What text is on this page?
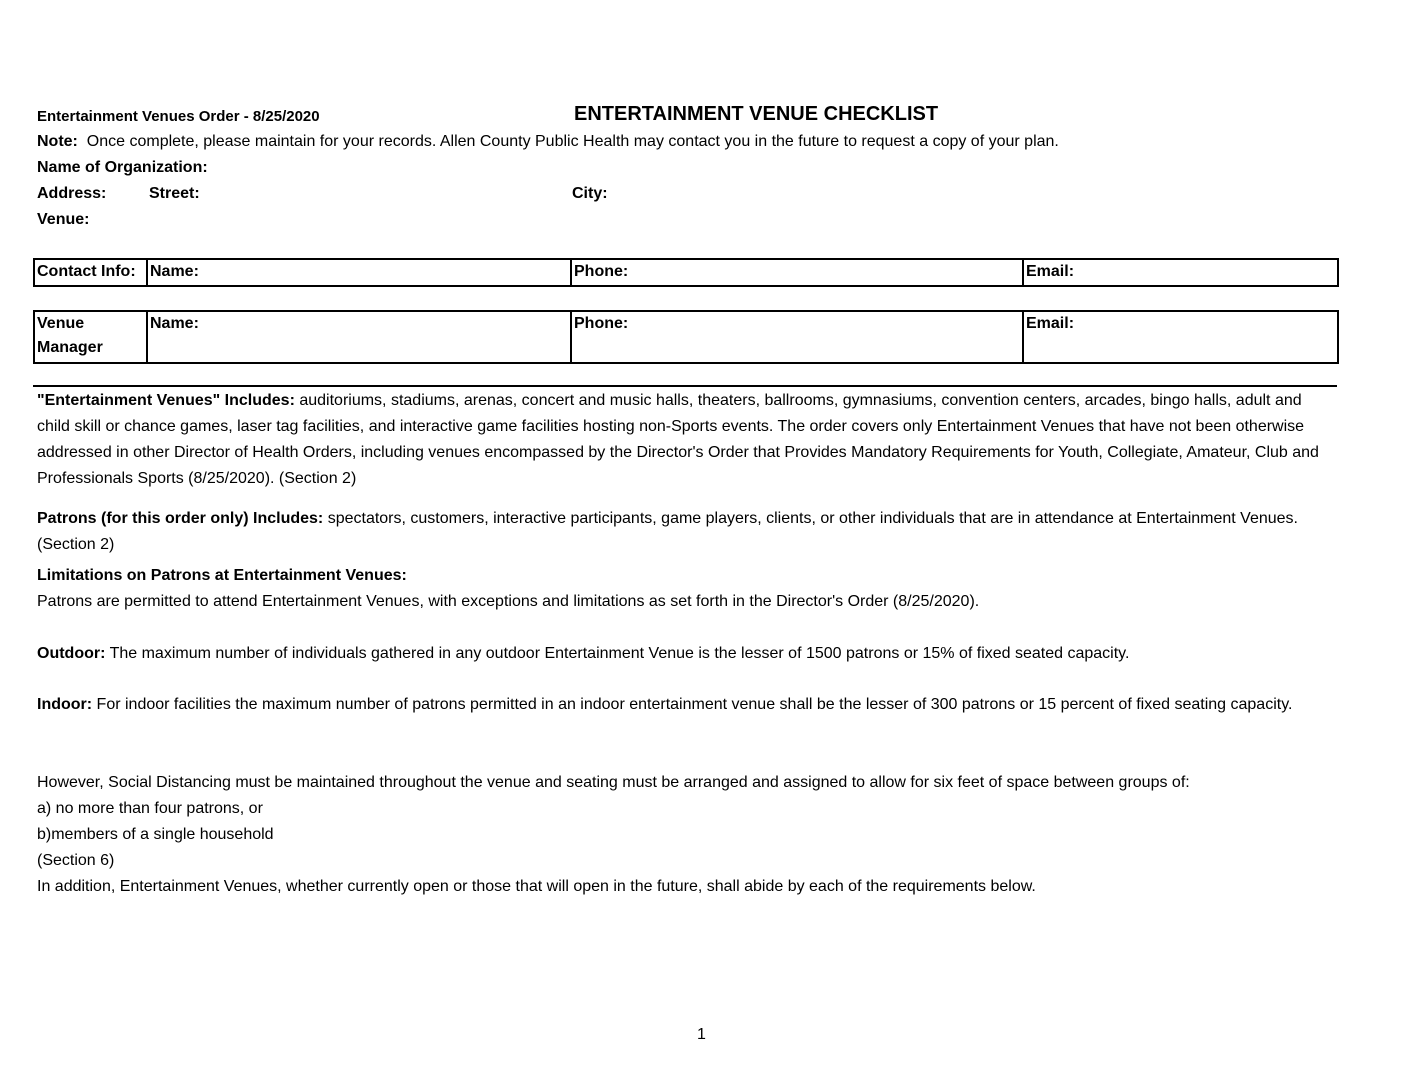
Entertainment Venues Order - 8/25/2020	ENTERTAINMENT VENUE CHECKLIST
Note:  Once complete, please maintain for your records. Allen County Public Health may contact you in the future to request a copy of your plan.
Name of Organization:
Address:	Street:	City:
Venue:
Contact Info:	Name:	Phone:	Email:
Venue Manager	Name:	Phone:	Email:
"Entertainment Venues" Includes: auditoriums, stadiums, arenas, concert and music halls, theaters, ballrooms, gymnasiums, convention centers, arcades, bingo halls, adult and child skill or chance games, laser tag facilities, and interactive game facilities hosting non-Sports events. The order covers only Entertainment Venues that have not been otherwise addressed in other Director of Health Orders, including venues encompassed by the Director's Order that Provides Mandatory Requirements for Youth, Collegiate, Amateur, Club and Professionals Sports (8/25/2020). (Section 2)
Patrons (for this order only) Includes: spectators, customers, interactive participants, game players, clients, or other individuals that are in attendance at Entertainment Venues. (Section 2)
Limitations on Patrons at Entertainment Venues:
Patrons are permitted to attend Entertainment Venues, with exceptions and limitations as set forth in the Director's Order (8/25/2020).
Outdoor: The maximum number of individuals gathered in any outdoor Entertainment Venue is the lesser of 1500 patrons or 15% of fixed seated capacity.
Indoor: For indoor facilities the maximum number of patrons permitted in an indoor entertainment venue shall be the lesser of 300 patrons or 15 percent of fixed seating capacity.
However, Social Distancing must be maintained throughout the venue and seating must be arranged and assigned to allow for six feet of space between groups of:
a) no more than four patrons, or
b)members of a single household
(Section 6)
In addition, Entertainment Venues, whether currently open or those that will open in the future, shall abide by each of the requirements below.
1
